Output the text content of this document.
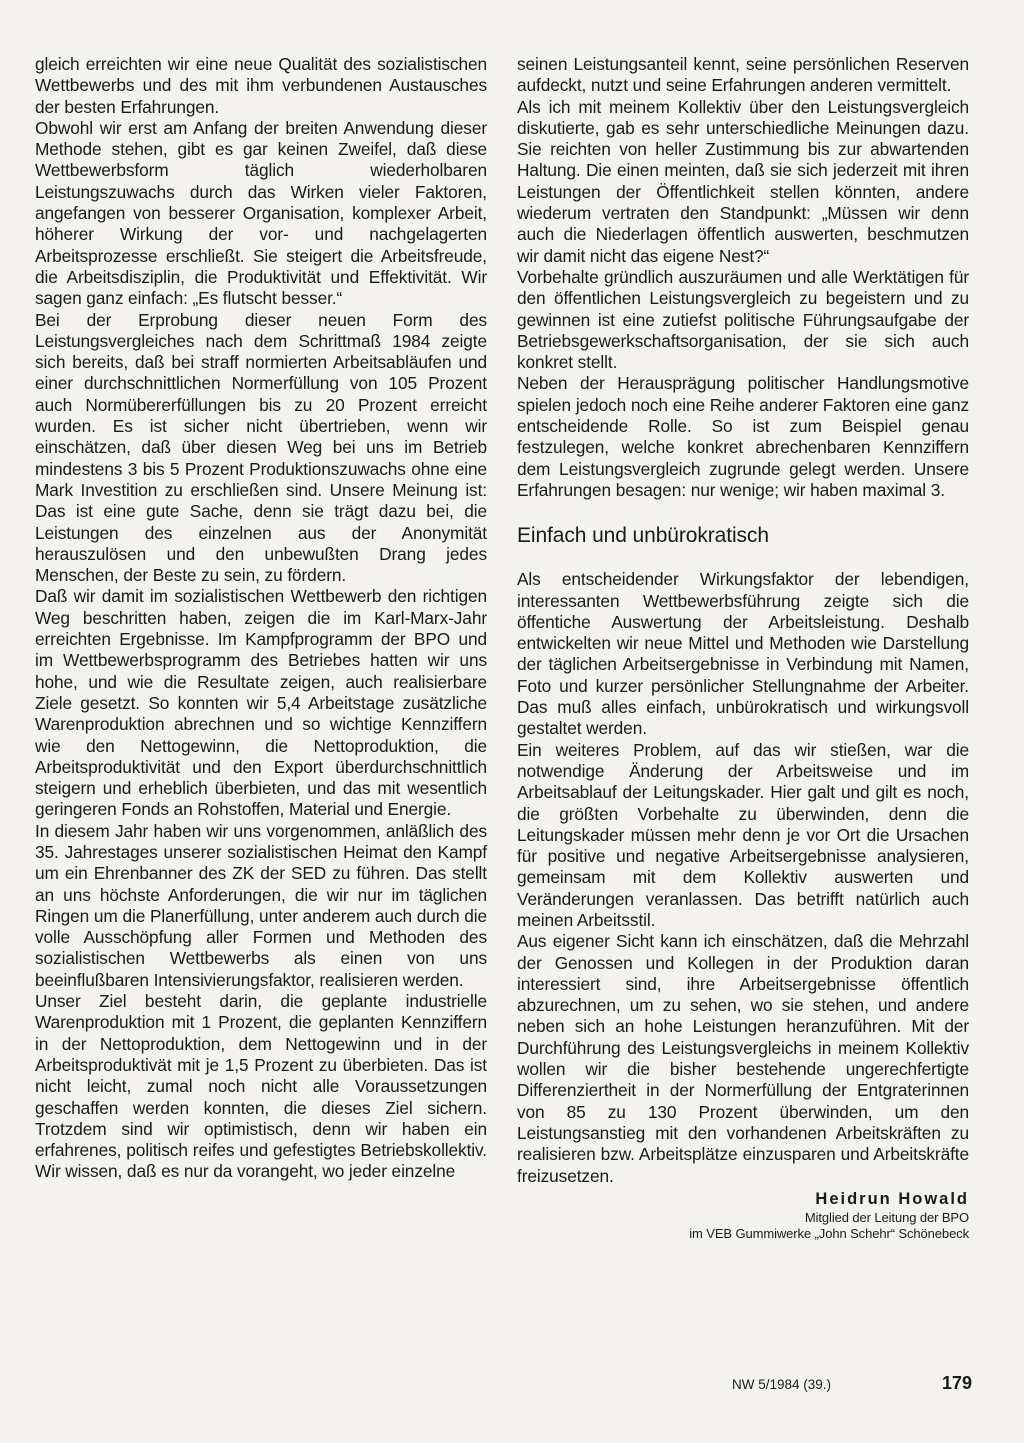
gleich erreichten wir eine neue Qualität des sozialistischen Wettbewerbs und des mit ihm verbundenen Austausches der besten Erfahrungen.

Obwohl wir erst am Anfang der breiten Anwendung dieser Methode stehen, gibt es gar keinen Zweifel, daß diese Wettbewerbsform täglich wiederholbaren Leistungszuwachs durch das Wirken vieler Faktoren, angefangen von besserer Organisation, komplexer Arbeit, höherer Wirkung der vor- und nachgelagerten Arbeitsprozesse erschließt. Sie steigert die Arbeitsfreude, die Arbeitsdisziplin, die Produktivität und Effektivität. Wir sagen ganz einfach: „Es flutscht besser.“

Bei der Erprobung dieser neuen Form des Leistungsvergleiches nach dem Schrittmaß 1984 zeigte sich bereits, daß bei straff normierten Arbeitsabläufen und einer durchschnittlichen Normerfüllung von 105 Prozent auch Normübererfüllungen bis zu 20 Prozent erreicht wurden. Es ist sicher nicht übertrieben, wenn wir einschätzen, daß über diesen Weg bei uns im Betrieb mindestens 3 bis 5 Prozent Produktionszuwachs ohne eine Mark Investition zu erschließen sind. Unsere Meinung ist: Das ist eine gute Sache, denn sie trägt dazu bei, die Leistungen des einzelnen aus der Anonymität herauszulösen und den unbewußten Drang jedes Menschen, der Beste zu sein, zu fördern.

Daß wir damit im sozialistischen Wettbewerb den richtigen Weg beschritten haben, zeigen die im Karl-Marx-Jahr erreichten Ergebnisse. Im Kampfprogramm der BPO und im Wettbewerbsprogramm des Betriebes hatten wir uns hohe, und wie die Resultate zeigen, auch realisierbare Ziele gesetzt. So konnten wir 5,4 Arbeitstage zusätzliche Warenproduktion abrechnen und so wichtige Kennziffern wie den Nettogewinn, die Nettoproduktion, die Arbeitsproduktivität und den Export überdurchschnittlich steigern und erheblich überbieten, und das mit wesentlich geringeren Fonds an Rohstoffen, Material und Energie.

In diesem Jahr haben wir uns vorgenommen, anläßlich des 35. Jahrestages unserer sozialistischen Heimat den Kampf um ein Ehrenbanner des ZK der SED zu führen. Das stellt an uns höchste Anforderungen, die wir nur im täglichen Ringen um die Planerfüllung, unter anderem auch durch die volle Ausschöpfung aller Formen und Methoden des sozialistischen Wettbewerbs als einen von uns beeinflußbaren Intensivierungsfaktor, realisieren werden.

Unser Ziel besteht darin, die geplante industrielle Warenproduktion mit 1 Prozent, die geplanten Kennziffern in der Nettoproduktion, dem Nettogewinn und in der Arbeitsproduktivät mit je 1,5 Prozent zu überbieten. Das ist nicht leicht, zumal noch nicht alle Voraussetzungen geschaffen werden konnten, die dieses Ziel sichern. Trotzdem sind wir optimistisch, denn wir haben ein erfahrenes, politisch reifes und gefestigtes Betriebskollektiv. Wir wissen, daß es nur da vorangeht, wo jeder einzelne

seinen Leistungsanteil kennt, seine persönlichen Reserven aufdeckt, nutzt und seine Erfahrungen anderen vermittelt.

Als ich mit meinem Kollektiv über den Leistungsvergleich diskutierte, gab es sehr unterschiedliche Meinungen dazu. Sie reichten von heller Zustimmung bis zur abwartenden Haltung. Die einen meinten, daß sie sich jederzeit mit ihren Leistungen der Öffentlichkeit stellen könnten, andere wiederum vertraten den Standpunkt: „Müssen wir denn auch die Niederlagen öffentlich auswerten, beschmutzen wir damit nicht das eigene Nest?“

Vorbehalte gründlich auszuräumen und alle Werktätigen für den öffentlichen Leistungsvergleich zu begeistern und zu gewinnen ist eine zutiefst politische Führungsaufgabe der Betriebsgewerkschaftsorganisation, der sie sich auch konkret stellt.

Neben der Herausprägung politischer Handlungsmotive spielen jedoch noch eine Reihe anderer Faktoren eine ganz entscheidende Rolle. So ist zum Beispiel genau festzulegen, welche konkret abrechenbaren Kennziffern dem Leistungsvergleich zugrunde gelegt werden. Unsere Erfahrungen besagen: nur wenige; wir haben maximal 3.

Einfach und unbürokratisch

Als entscheidender Wirkungsfaktor der lebendigen, interessanten Wettbewerbsführung zeigte sich die öffentiche Auswertung der Arbeitsleistung. Deshalb entwickelten wir neue Mittel und Methoden wie Darstellung der täglichen Arbeitsergebnisse in Verbindung mit Namen, Foto und kurzer persönlicher Stellungnahme der Arbeiter. Das muß alles einfach, unbürokratisch und wirkungsvoll gestaltet werden.

Ein weiteres Problem, auf das wir stießen, war die notwendige Änderung der Arbeitsweise und im Arbeitsablauf der Leitungskader. Hier galt und gilt es noch, die größten Vorbehalte zu überwinden, denn die Leitungskader müssen mehr denn je vor Ort die Ursachen für positive und negative Arbeitsergebnisse analysieren, gemeinsam mit dem Kollektiv auswerten und Veränderungen veranlassen. Das betrifft natürlich auch meinen Arbeitsstil.

Aus eigener Sicht kann ich einschätzen, daß die Mehrzahl der Genossen und Kollegen in der Produktion daran interessiert sind, ihre Arbeitsergebnisse öffentlich abzurechnen, um zu sehen, wo sie stehen, und andere neben sich an hohe Leistungen heranzuführen. Mit der Durchführung des Leistungsvergleichs in meinem Kollektiv wollen wir die bisher bestehende ungerechfertigte Differenziertheit in der Normerfüllung der Entgraterinnen von 85 zu 130 Prozent überwinden, um den Leistungsanstieg mit den vorhandenen Arbeitskräften zu realisieren bzw. Arbeitsplätze einzusparen und Arbeitskräfte freizusetzen.

Heidrun Howald
Mitglied der Leitung der BPO
im VEB Gummiwerke „John Schehr“ Schönebeck
NW 5/1984 (39.)	179
